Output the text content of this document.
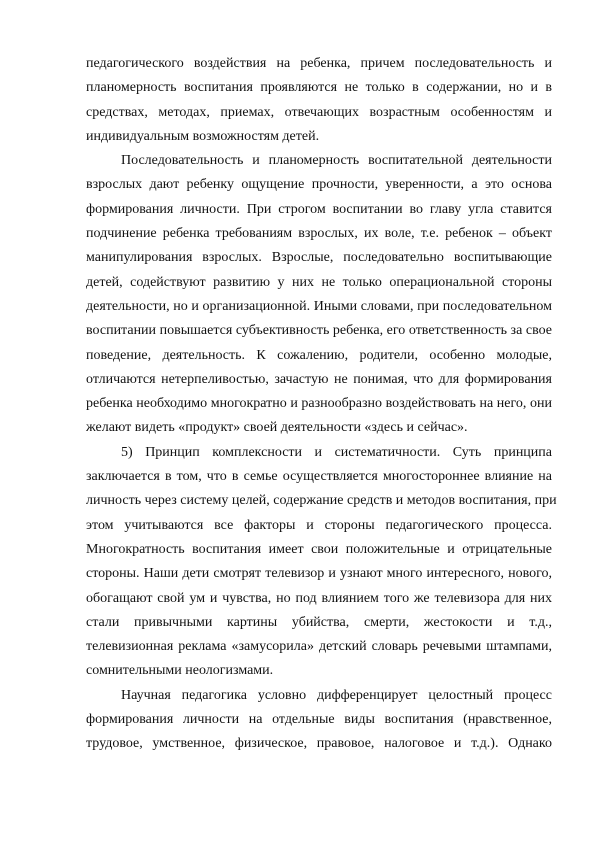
педагогического воздействия на ребенка, причем последовательность и
планомерность воспитания проявляются не только в содержании, но и в
средствах, методах, приемах, отвечающих возрастным особенностям и
индивидуальным возможностям детей.
Последовательность и планомерность воспитательной деятельности
взрослых дают ребенку ощущение прочности, уверенности, а это основа
формирования личности. При строгом воспитании во главу угла ставится
подчинение ребенка требованиям взрослых, их воле, т.е. ребенок – объект
манипулирования взрослых. Взрослые, последовательно воспитывающие
детей, содействуют развитию у них не только операциональной стороны
деятельности, но и организационной. Иными словами, при последовательном
воспитании повышается субъективность ребенка, его ответственность за свое
поведение, деятельность. К сожалению, родители, особенно молодые,
отличаются нетерпеливостью, зачастую не понимая, что для формирования
ребенка необходимо многократно и разнообразно воздействовать на него, они
желают видеть «продукт» своей деятельности «здесь и сейчас».
5) Принцип комплексности и систематичности. Суть принципа
заключается в том, что в семье осуществляется многостороннее влияние на
личность через систему целей, содержание средств и методов воспитания, при
этом учитываются все факторы и стороны педагогического процесса.
Многократность воспитания имеет свои положительные и отрицательные
стороны. Наши дети смотрят телевизор и узнают много интересного, нового,
обогащают свой ум и чувства, но под влиянием того же телевизора для них
стали привычными картины убийства, смерти, жестокости и т.д.,
телевизионная реклама «замусорила» детский словарь речевыми штампами,
сомнительными неологизмами.
Научная педагогика условно дифференцирует целостный процесс
формирования личности на отдельные виды воспитания (нравственное,
трудовое, умственное, физическое, правовое, налоговое и т.д.). Однако
